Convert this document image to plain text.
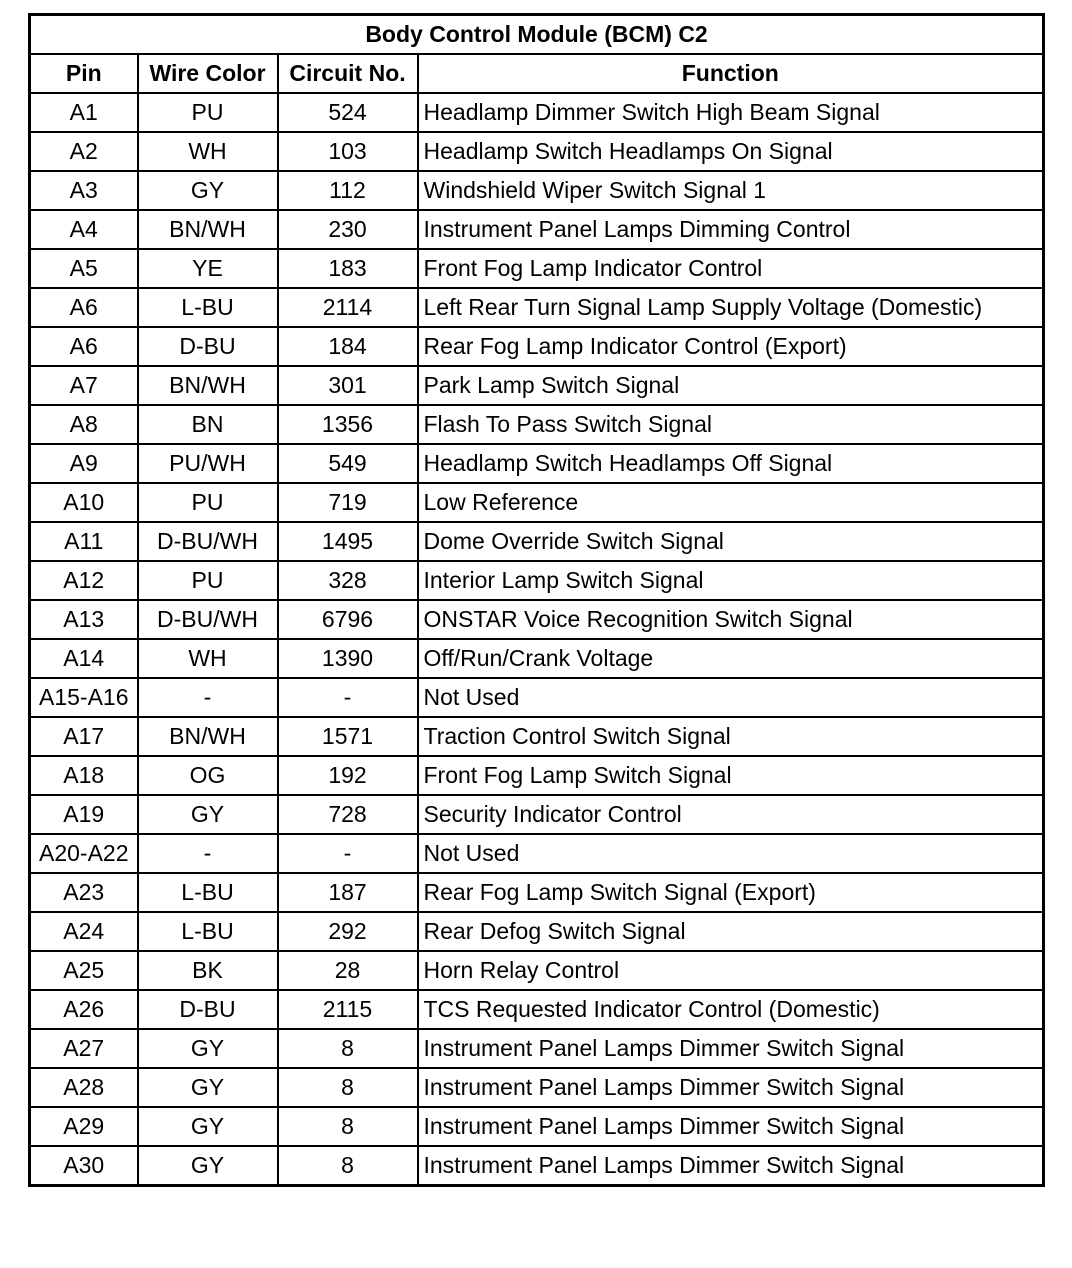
Body Control Module (BCM) C2			
Pin	Wire Color	Circuit No.	Function
A1	PU	524	Headlamp Dimmer Switch High Beam Signal
A2	WH	103	Headlamp Switch Headlamps On Signal
A3	GY	112	Windshield Wiper Switch Signal 1
A4	BN/WH	230	Instrument Panel Lamps Dimming Control
A5	YE	183	Front Fog Lamp Indicator Control
A6	L-BU	2114	Left Rear Turn Signal Lamp Supply Voltage (Domestic)
A6	D-BU	184	Rear Fog Lamp Indicator Control (Export)
A7	BN/WH	301	Park Lamp Switch Signal
A8	BN	1356	Flash To Pass Switch Signal
A9	PU/WH	549	Headlamp Switch Headlamps Off Signal
A10	PU	719	Low Reference
A11	D-BU/WH	1495	Dome Override Switch Signal
A12	PU	328	Interior Lamp Switch Signal
A13	D-BU/WH	6796	ONSTAR Voice Recognition Switch Signal
A14	WH	1390	Off/Run/Crank Voltage
A15-A16	-	-	Not Used
A17	BN/WH	1571	Traction Control Switch Signal
A18	OG	192	Front Fog Lamp Switch Signal
A19	GY	728	Security Indicator Control
A20-A22	-	-	Not Used
A23	L-BU	187	Rear Fog Lamp Switch Signal (Export)
A24	L-BU	292	Rear Defog Switch Signal
A25	BK	28	Horn Relay Control
A26	D-BU	2115	TCS Requested Indicator Control (Domestic)
A27	GY	8	Instrument Panel Lamps Dimmer Switch Signal
A28	GY	8	Instrument Panel Lamps Dimmer Switch Signal
A29	GY	8	Instrument Panel Lamps Dimmer Switch Signal
A30	GY	8	Instrument Panel Lamps Dimmer Switch Signal
